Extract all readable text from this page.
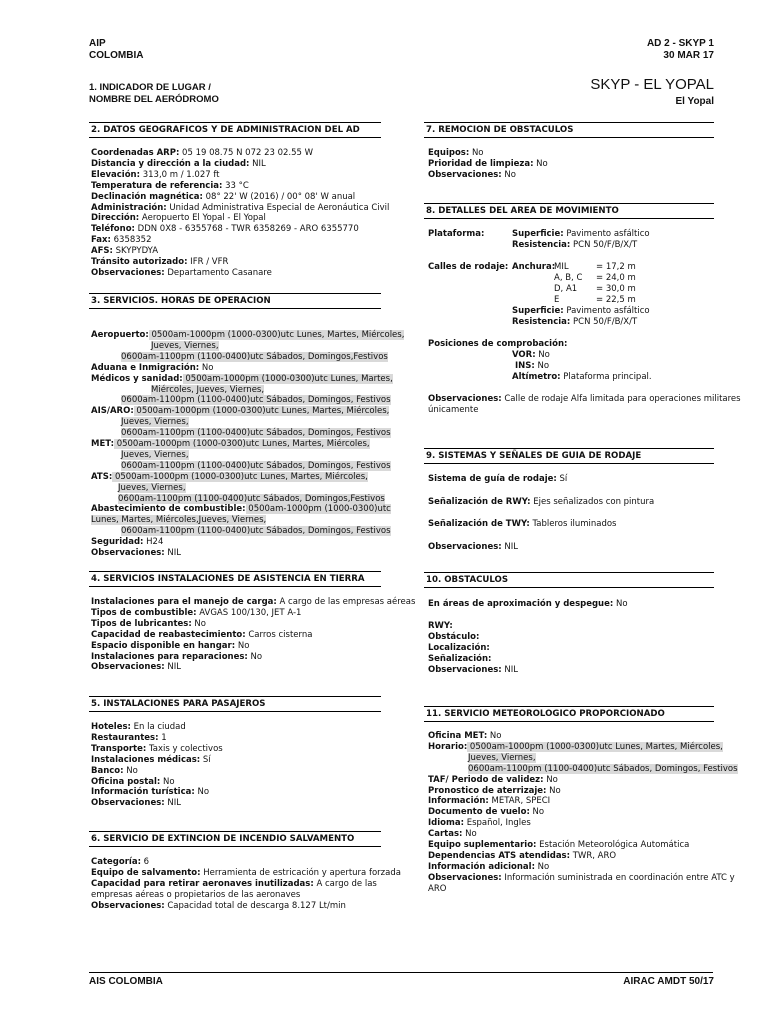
AIP
COLOMBIA
AD 2 - SKYP 1
30 MAR 17
1. INDICADOR DE LUGAR /
NOMBRE DEL AERÓDROMO
SKYP - EL YOPAL
El Yopal
2. DATOS GEOGRAFICOS Y DE ADMINISTRACION DEL AD
Coordenadas ARP: 05 19 08.75 N 072 23 02.55 W
Distancia y dirección a la ciudad: NIL
Elevación: 313,0 m / 1.027 ft
Temperatura de referencia: 33 °C
Declinación magnética: 08° 22' W (2016) / 00° 08' W anual
Administración: Unidad Administrativa Especial de Aeronáutica Civil
Dirección: Aeropuerto El Yopal - El Yopal
Teléfono: DDN 0X8 - 6355768 - TWR 6358269 - ARO 6355770
Fax: 6358352
AFS: SKYPYDYA
Tránsito autorizado: IFR / VFR
Observaciones: Departamento Casanare
3. SERVICIOS. HORAS DE OPERACION
Aeropuerto: 0500am-1000pm (1000-0300)utc Lunes, Martes, Miércoles,
Jueves, Viernes,
0600am-1100pm (1100-0400)utc Sábados, Domingos,Festivos
Aduana e Inmigración: No
Médicos y sanidad: 0500am-1000pm (1000-0300)utc Lunes, Martes,
Miércoles, Jueves, Viernes,
0600am-1100pm (1100-0400)utc Sábados, Domingos, Festivos
AIS/ARO: 0500am-1000pm (1000-0300)utc Lunes, Martes, Miércoles,
Jueves, Viernes,
0600am-1100pm (1100-0400)utc Sábados, Domingos, Festivos
MET: 0500am-1000pm (1000-0300)utc Lunes, Martes, Miércoles,
Jueves, Viernes,
0600am-1100pm (1100-0400)utc Sábados, Domingos, Festivos
ATS: 0500am-1000pm (1000-0300)utc Lunes, Martes, Miércoles,
Jueves, Viernes,
0600am-1100pm (1100-0400)utc Sábados, Domingos,Festivos
Abastecimiento de combustible: 0500am-1000pm (1000-0300)utc
Lunes, Martes, Miércoles,Jueves, Viernes,
0600am-1100pm (1100-0400)utc Sábados, Domingos, Festivos
Seguridad: H24
Observaciones: NIL
4. SERVICIOS INSTALACIONES DE ASISTENCIA EN TIERRA
Instalaciones para el manejo de carga: A cargo de las empresas aéreas
Tipos de combustible: AVGAS 100/130, JET A-1
Tipos de lubricantes: No
Capacidad de reabastecimiento: Carros cisterna
Espacio disponible en hangar: No
Instalaciones para reparaciones: No
Observaciones: NIL
5. INSTALACIONES PARA PASAJEROS
Hoteles: En la ciudad
Restaurantes: 1
Transporte: Taxis y colectivos
Instalaciones médicas: Sí
Banco: No
Oficina postal: No
Información turística: No
Observaciones: NIL
6. SERVICIO DE EXTINCION DE INCENDIO SALVAMENTO
Categoría: 6
Equipo de salvamento: Herramienta de estricación y apertura forzada
Capacidad para retirar aeronaves inutilizadas: A cargo de las
empresas aéreas o propietarios de las aeronaves
Observaciones: Capacidad total de descarga 8.127 Lt/min
7. REMOCION DE OBSTACULOS
Equipos: No
Prioridad de limpieza: No
Observaciones: No
8. DETALLES DEL AREA DE MOVIMIENTO
Plataforma:	Superficie: Pavimento asfáltico
Resistencia: PCN 50/F/B/X/T
Calles de rodaje: Anchura:
MIL	= 17,2 m
A, B, C = 24,0 m
D, A1 = 30,0 m
E	= 22,5 m
Superficie: Pavimento asfáltico
Resistencia: PCN 50/F/B/X/T
Posiciones de comprobación:
VOR: No
INS: No
Altímetro: Plataforma principal.
Observaciones: Calle de rodaje Alfa limitada para operaciones militares
únicamente
9. SISTEMAS Y SEÑALES DE GUIA DE RODAJE
Sistema de guía de rodaje: Sí
Señalización de RWY: Ejes señalizados con pintura
Señalización de TWY: Tableros iluminados
Observaciones: NIL
10. OBSTACULOS
En áreas de aproximación y despegue: No
RWY:
Obstáculo:
Localización:
Señalización:
Observaciones: NIL
11. SERVICIO METEOROLOGICO PROPORCIONADO
Oficina MET: No
Horario: 0500am-1000pm (1000-0300)utc Lunes, Martes, Miércoles,
Jueves, Viernes,
0600am-1100pm (1100-0400)utc Sábados, Domingos, Festivos
TAF/ Periodo de validez: No
Pronostico de aterrizaje: No
Información: METAR, SPECI
Documento de vuelo: No
Idioma: Español, Ingles
Cartas: No
Equipo suplementario: Estación Meteorológica Automática
Dependencias ATS atendidas: TWR, ARO
Información adicional: No
Observaciones: Información suministrada en coordinación entre ATC y
ARO
AIS COLOMBIA	AIRAC AMDT 50/17
